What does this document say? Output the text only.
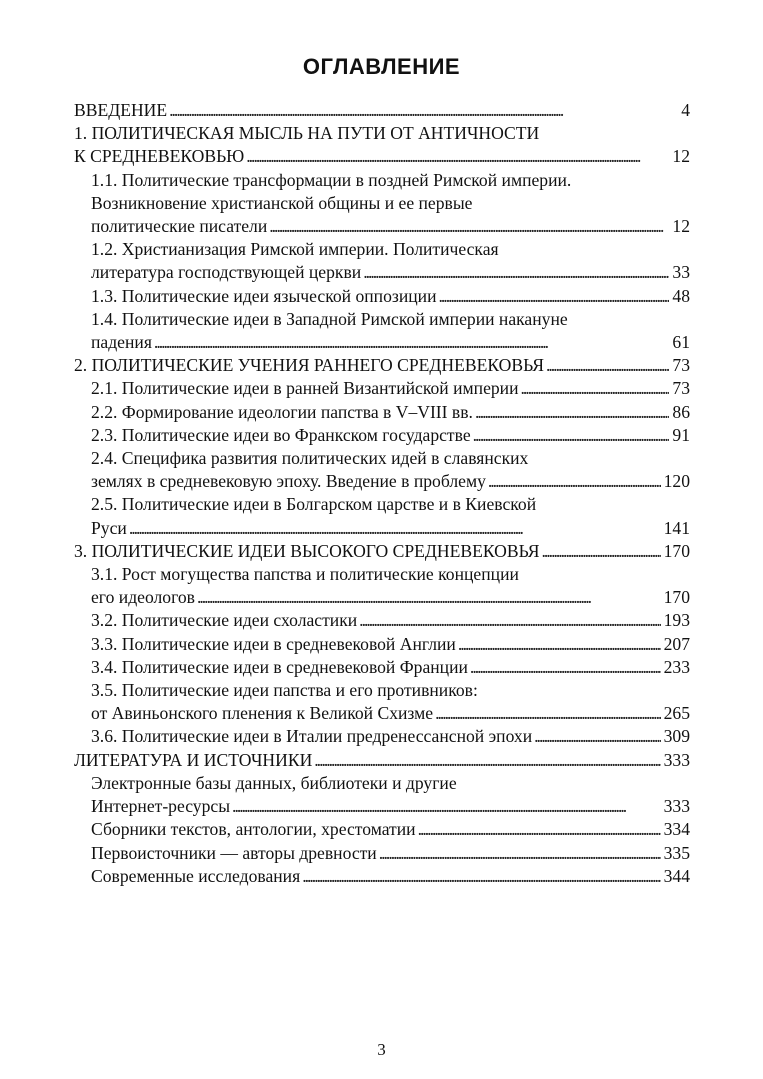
ОГЛАВЛЕНИЕ
ВВЕДЕНИЕ . . .	4
1. ПОЛИТИЧЕСКАЯ МЫСЛЬ НА ПУТИ ОТ АНТИЧНОСТИ
К СРЕДНЕВЕКОВЬЮ . . .	12
1.1. Политические трансформации в поздней Римской империи.
Возникновение христианской общины и ее первые
политические писатели . . .	12
1.2. Христианизация Римской империи. Политическая
литература господствующей церкви . . .	33
1.3. Политические идеи языческой оппозиции . . .	48
1.4. Политические идеи в Западной Римской империи накануне
падения . . .	61
2. ПОЛИТИЧЕСКИЕ УЧЕНИЯ РАННЕГО СРЕДНЕВЕКОВЬЯ . . .	73
2.1. Политические идеи в ранней Византийской империи . . .	73
2.2. Формирование идеологии папства в V–VIII вв. . . .	86
2.3. Политические идеи во Франкском государстве . . .	91
2.4. Специфика развития политических идей в славянских
землях в средневековую эпоху. Введение в проблему . . .	120
2.5. Политические идеи в Болгарском царстве и в Киевской
Руси . . .	141
3. ПОЛИТИЧЕСКИЕ ИДЕИ ВЫСОКОГО СРЕДНЕВЕКОВЬЯ . . .	170
3.1. Рост могущества папства и политические концепции
его идеологов . . .	170
3.2. Политические идеи схоластики . . .	193
3.3. Политические идеи в средневековой Англии . . .	207
3.4. Политические идеи в средневековой Франции . . .	233
3.5. Политические идеи папства и его противников:
от Авиньонского пленения к Великой Схизме . . .	265
3.6. Политические идеи в Италии предренессансной эпохи . . .	309
ЛИТЕРАТУРА И ИСТОЧНИКИ . . .	333
Электронные базы данных, библиотеки и другие
Интернет-ресурсы . . .	333
Сборники текстов, антологии, хрестоматии . . .	334
Первоисточники — авторы древности . . .	335
Современные исследования . . .	344
3
